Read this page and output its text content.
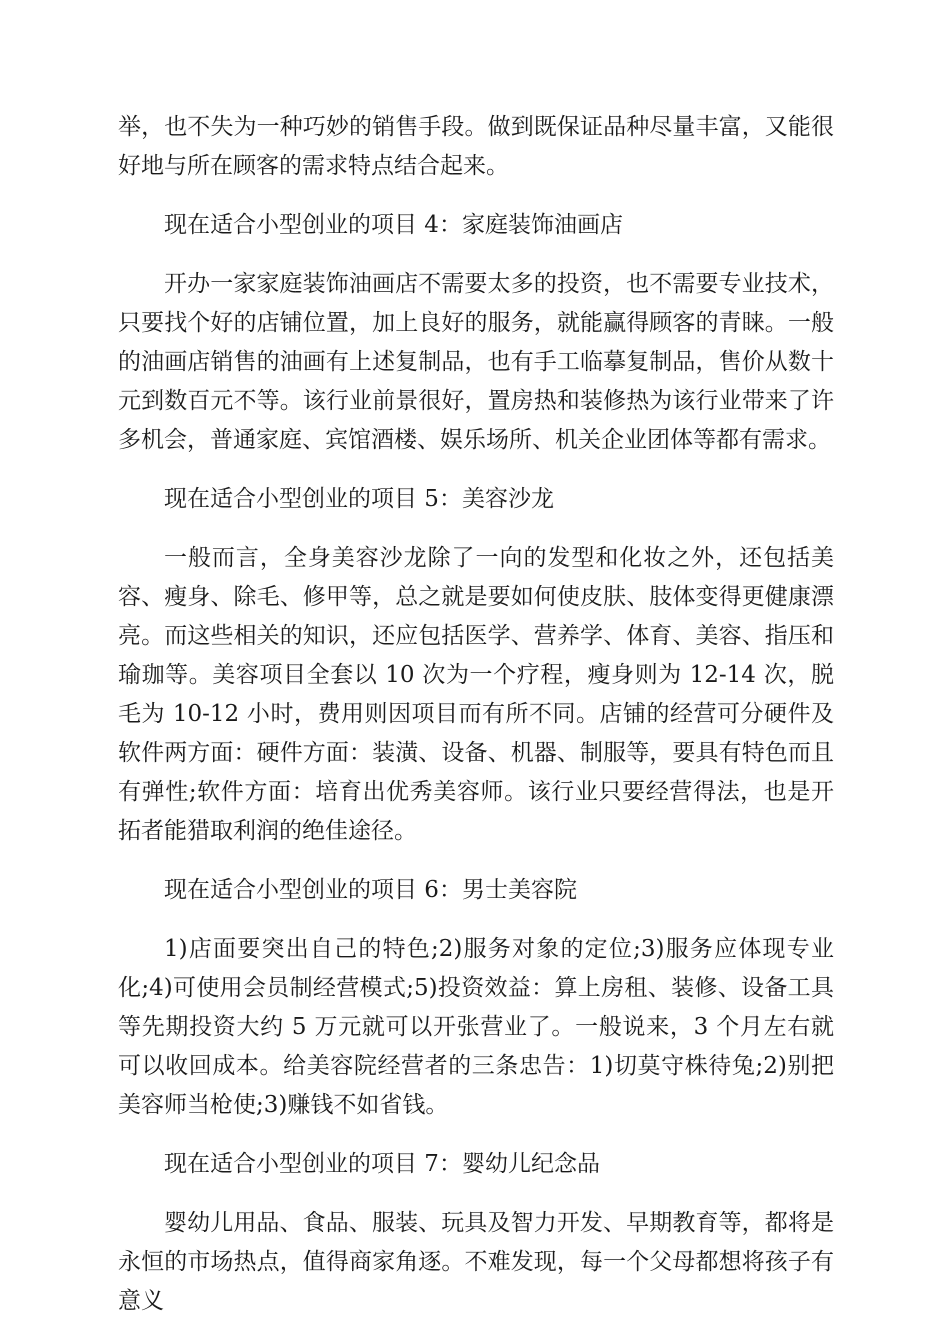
举，也不失为一种巧妙的销售手段。做到既保证品种尽量丰富，又能很好地与所在顾客的需求特点结合起来。

现在适合小型创业的项目 4：家庭装饰油画店

开办一家家庭装饰油画店不需要太多的投资，也不需要专业技术，只要找个好的店铺位置，加上良好的服务，就能赢得顾客的青睐。一般的油画店销售的油画有上述复制品，也有手工临摹复制品，售价从数十元到数百元不等。该行业前景很好，置房热和装修热为该行业带来了许多机会，普通家庭、宾馆酒楼、娱乐场所、机关企业团体等都有需求。

现在适合小型创业的项目 5：美容沙龙

一般而言，全身美容沙龙除了一向的发型和化妆之外，还包括美容、瘦身、除毛、修甲等，总之就是要如何使皮肤、肢体变得更健康漂亮。而这些相关的知识，还应包括医学、营养学、体育、美容、指压和瑜珈等。美容项目全套以 10 次为一个疗程，瘦身则为 12-14 次，脱毛为 10-12 小时，费用则因项目而有所不同。店铺的经营可分硬件及软件两方面：硬件方面：装潢、设备、机器、制服等，要具有特色而且有弹性;软件方面：培育出优秀美容师。该行业只要经营得法，也是开拓者能猎取利润的绝佳途径。

现在适合小型创业的项目 6：男士美容院

1)店面要突出自己的特色;2)服务对象的定位;3)服务应体现专业化;4)可使用会员制经营模式;5)投资效益：算上房租、装修、设备工具等先期投资大约 5 万元就可以开张营业了。一般说来，3 个月左右就可以收回成本。给美容院经营者的三条忠告：1)切莫守株待兔;2)别把美容师当枪使;3)赚钱不如省钱。

现在适合小型创业的项目 7：婴幼儿纪念品

婴幼儿用品、食品、服装、玩具及智力开发、早期教育等，都将是永恒的市场热点，值得商家角逐。不难发现，每一个父母都想将孩子有意义
